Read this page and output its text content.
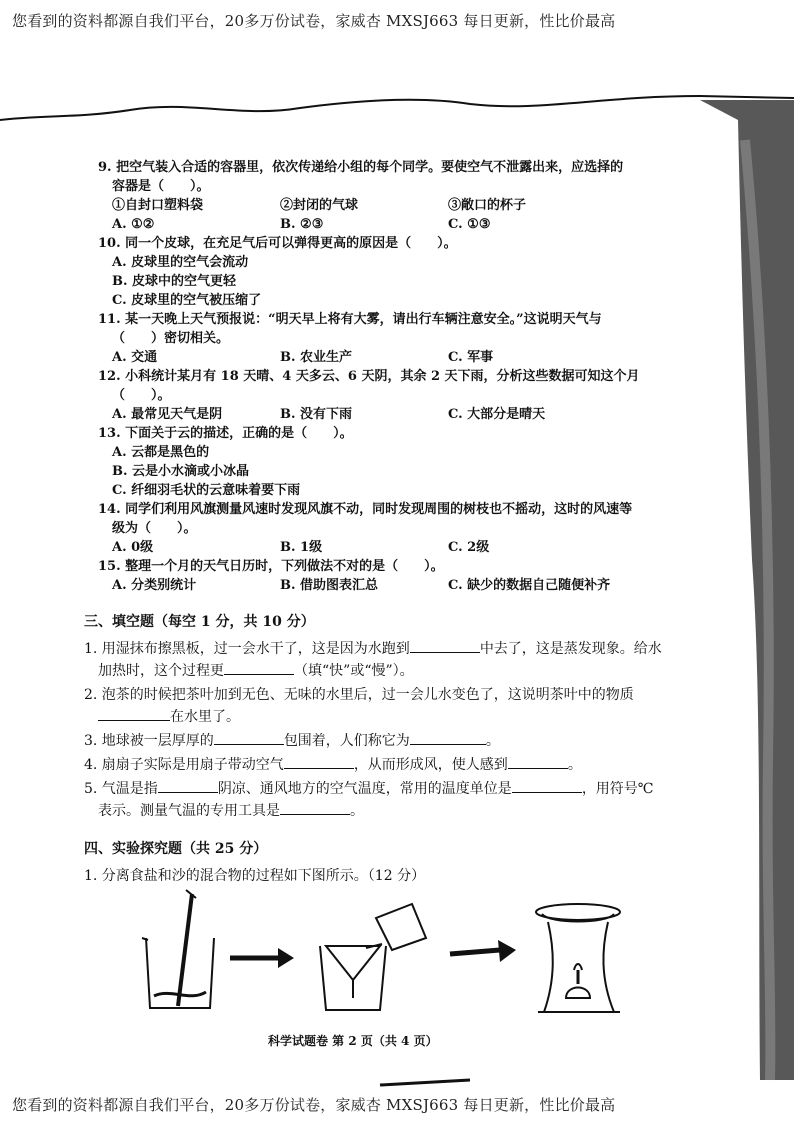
您看到的资料都源自我们平台，20多万份试卷，家威杏 MXSJ663 每日更新，性比价最高
9. 把空气装入合适的容器里，依次传递给小组的每个同学。要使空气不泄露出来，应选择的
容器是（　　）。
①自封口塑料袋	②封闭的气球	③敞口的杯子
A. ①②	B. ②③	C. ①③
10. 同一个皮球，在充足气后可以弹得更高的原因是（　　）。
A. 皮球里的空气会流动
B. 皮球中的空气更轻
C. 皮球里的空气被压缩了
11. 某一天晚上天气预报说：“明天早上将有大雾，请出行车辆注意安全。”这说明天气与
（　　）密切相关。
A. 交通	B. 农业生产	C. 军事
12. 小科统计某月有 18 天晴、4 天多云、6 天阴，其余 2 天下雨，分析这些数据可知这个月
（　　）。
A. 最常见天气是阴	B. 没有下雨	C. 大部分是晴天
13. 下面关于云的描述，正确的是（　　）。
A. 云都是黑色的
B. 云是小水滴或小冰晶
C. 纤细羽毛状的云意味着要下雨
14. 同学们利用风旗测量风速时发现风旗不动，同时发现周围的树枝也不摇动，这时的风速等
级为（　　）。
A. 0级	B. 1级	C. 2级
15. 整理一个月的天气日历时，下列做法不对的是（　　）。
A. 分类别统计	B. 借助图表汇总	C. 缺少的数据自己随便补齐
三、填空题（每空 1 分，共 10 分）
1. 用湿抹布擦黑板，过一会水干了，这是因为水跑到	中去了，这是蒸发现象。给水
加热时，这个过程更	（填“快”或“慢”）。
2. 泡茶的时候把茶叶加到无色、无味的水里后，过一会儿水变色了，这说明茶叶中的物质
在水里了。
3. 地球被一层厚厚的	包围着，人们称它为	。
4. 扇扇子实际是用扇子带动空气	，从而形成风，使人感到	。
5. 气温是指	阴凉、通风地方的空气温度，常用的温度单位是	，用符号℃
表示。测量气温的专用工具是	。
四、实验探究题（共 25 分）
1. 分离食盐和沙的混合物的过程如下图所示。（12 分）
科学试题卷 第 2 页（共 4 页）
您看到的资料都源自我们平台，20多万份试卷，家威杏 MXSJ663 每日更新，性比价最高
